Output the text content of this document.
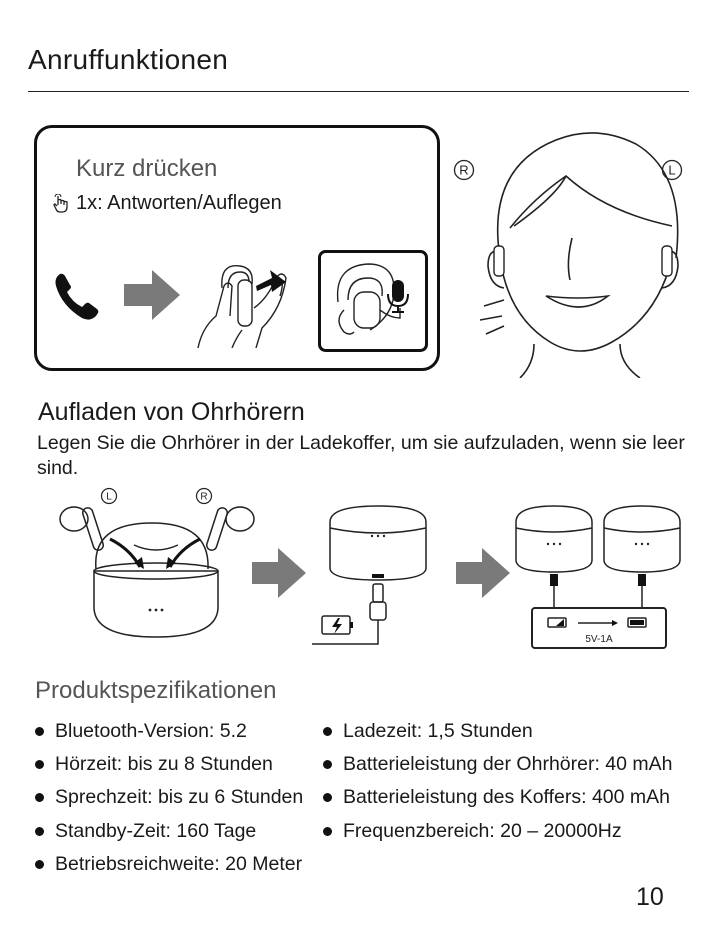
Anruffunktionen
Kurz drücken
1x: Antworten/Auflegen
R	L
Aufladen von Ohrhörern
Legen Sie die Ohrhörer in der Ladekoffer, um sie aufzuladen, wenn sie leer sind.
L	R
5V-1A
Produktspezifikationen
Bluetooth-Version: 5.2
Hörzeit: bis zu 8 Stunden
Sprechzeit: bis zu 6 Stunden
Standby-Zeit: 160 Tage
Betriebsreichweite: 20 Meter
Ladezeit: 1,5 Stunden
Batterieleistung der Ohrhörer: 40 mAh
Batterieleistung des Koffers: 400 mAh
Frequenzbereich: 20 – 20000Hz
10
